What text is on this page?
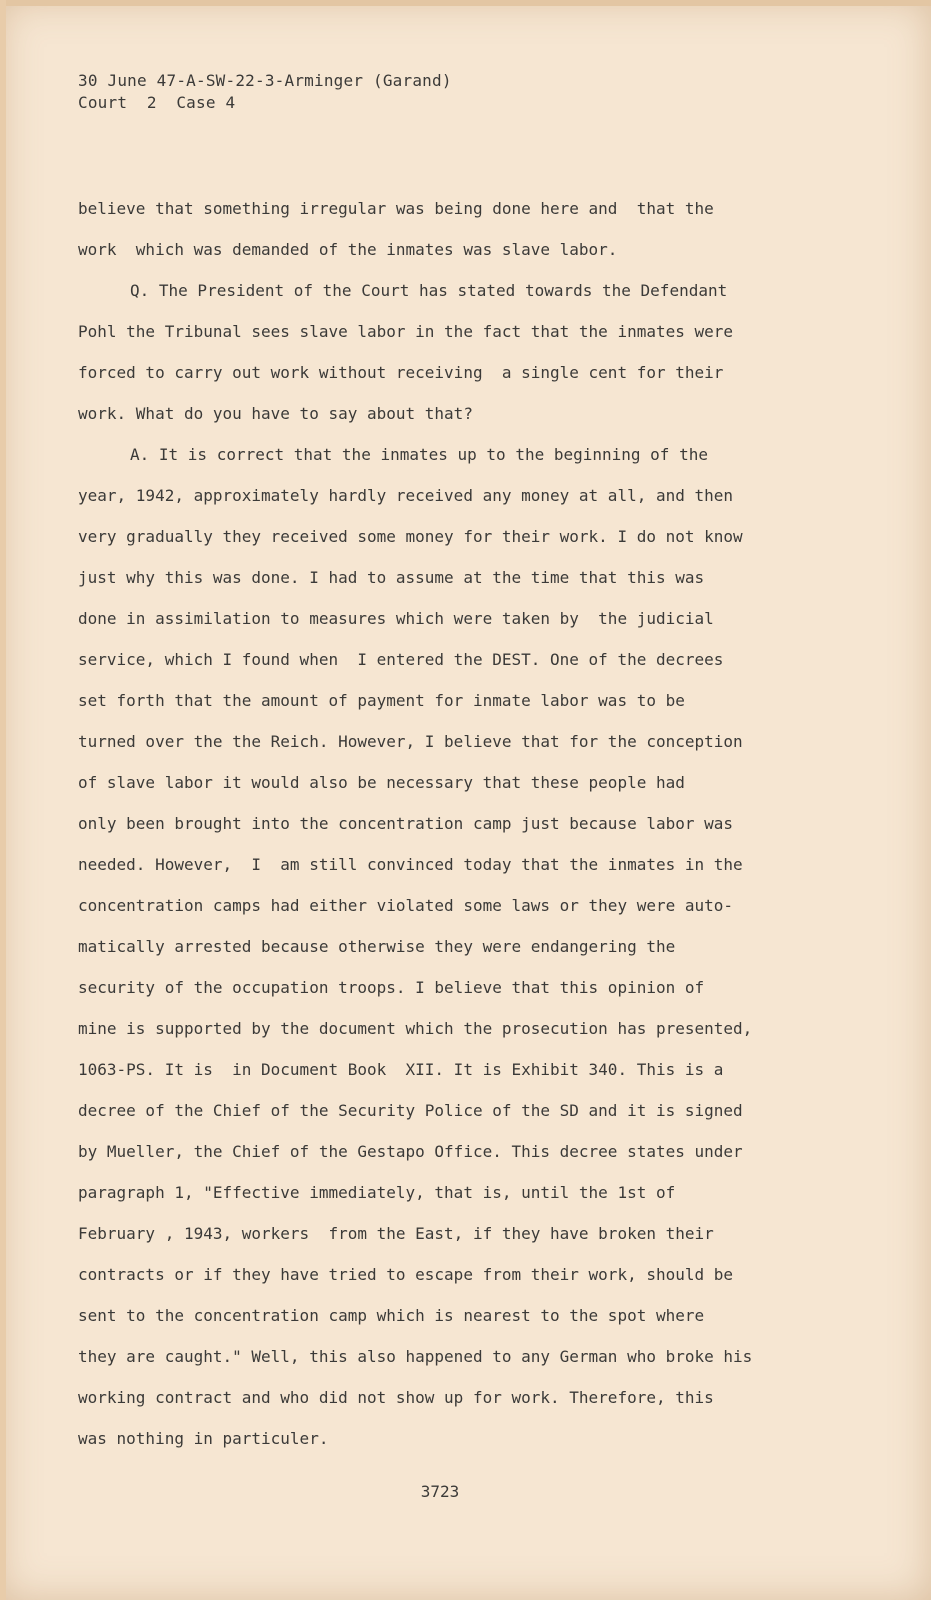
30 June 47-A-SW-22-3-Arminger (Garand)
Court  2  Case 4
believe that something irregular was being done here and  that the
work  which was demanded of the inmates was slave labor.
Q. The President of the Court has stated towards the Defendant
Pohl the Tribunal sees slave labor in the fact that the inmates were
forced to carry out work without receiving  a single cent for their
work. What do you have to say about that?
A. It is correct that the inmates up to the beginning of the
year, 1942, approximately hardly received any money at all, and then
very gradually they received some money for their work. I do not know
just why this was done. I had to assume at the time that this was
done in assimilation to measures which were taken by  the judicial
service, which I found when  I entered the DEST. One of the decrees
set forth that the amount of payment for inmate labor was to be
turned over the the Reich. However, I believe that for the conception
of slave labor it would also be necessary that these people had
only been brought into the concentration camp just because labor was
needed. However,  I  am still convinced today that the inmates in the
concentration camps had either violated some laws or they were auto-
matically arrested because otherwise they were endangering the
security of the occupation troops. I believe that this opinion of
mine is supported by the document which the prosecution has presented,
1063-PS. It is  in Document Book  XII. It is Exhibit 340. This is a
decree of the Chief of the Security Police of the SD and it is signed
by Mueller, the Chief of the Gestapo Office. This decree states under
paragraph 1, "Effective immediately, that is, until the 1st of
February , 1943, workers  from the East, if they have broken their
contracts or if they have tried to escape from their work, should be
sent to the concentration camp which is nearest to the spot where
they are caught." Well, this also happened to any German who broke his
working contract and who did not show up for work. Therefore, this
was nothing in particuler.
3723
